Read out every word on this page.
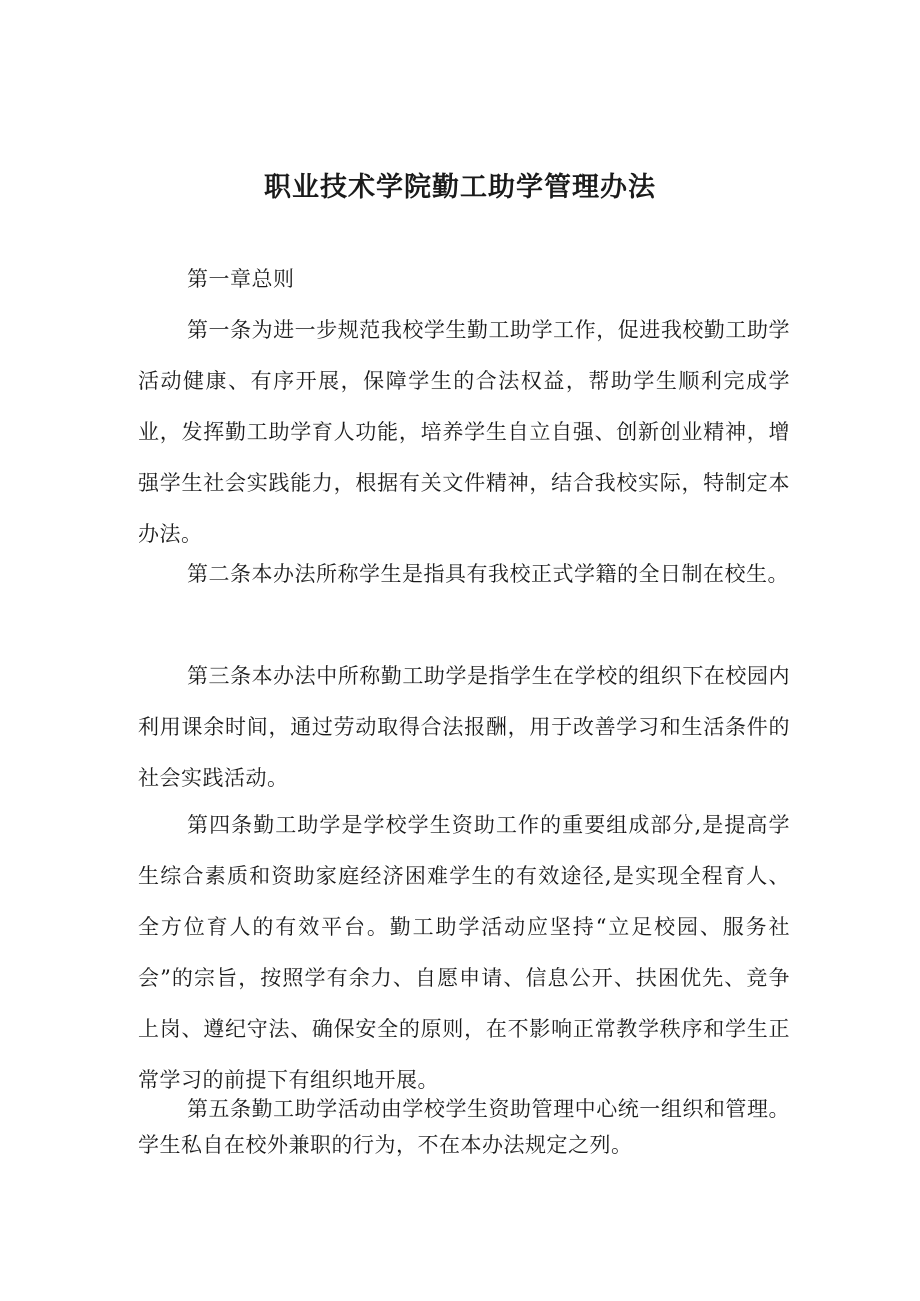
职业技术学院勤工助学管理办法

第一章总则

第一条为进一步规范我校学生勤工助学工作，促进我校勤工助学活动健康、有序开展，保障学生的合法权益，帮助学生顺利完成学业，发挥勤工助学育人功能，培养学生自立自强、创新创业精神，增强学生社会实践能力，根据有关文件精神，结合我校实际，特制定本办法。

第二条本办法所称学生是指具有我校正式学籍的全日制在校生。

第三条本办法中所称勤工助学是指学生在学校的组织下在校园内利用课余时间，通过劳动取得合法报酬，用于改善学习和生活条件的社会实践活动。

第四条勤工助学是学校学生资助工作的重要组成部分,是提高学生综合素质和资助家庭经济困难学生的有效途径,是实现全程育人、全方位育人的有效平台。勤工助学活动应坚持“立足校园、服务社会”的宗旨，按照学有余力、自愿申请、信息公开、扶困优先、竞争上岗、遵纪守法、确保安全的原则，在不影响正常教学秩序和学生正常学习的前提下有组织地开展。

第五条勤工助学活动由学校学生资助管理中心统一组织和管理。学生私自在校外兼职的行为，不在本办法规定之列。
